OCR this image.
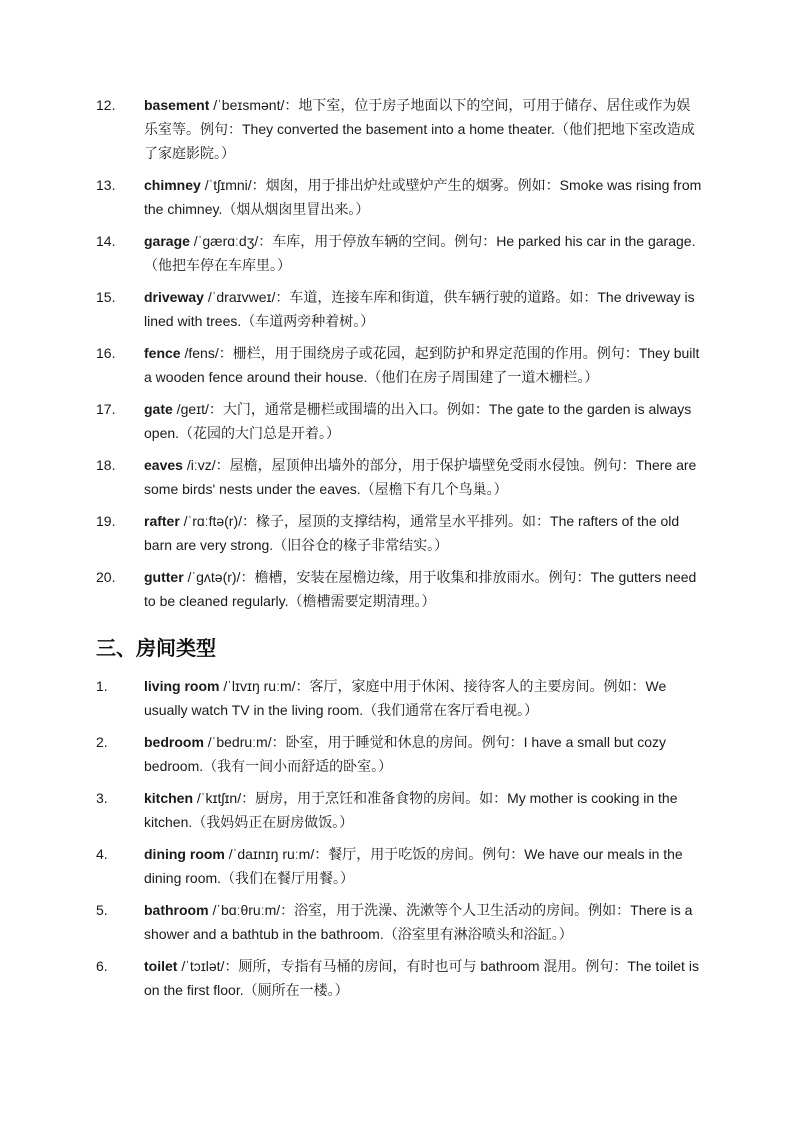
12. basement /ˈbeɪsmənt/：地下室，位于房子地面以下的空间，可用于储存、居住或作为娱乐室等。例句：They converted the basement into a home theater.（他们把地下室改造成了家庭影院。）
13. chimney /ˈtʃɪmni/：烟囱，用于排出炉灶或壁炉产生的烟雾。例如：Smoke was rising from the chimney.（烟从烟囱里冒出来。）
14. garage /ˈɡærɑːdʒ/：车库，用于停放车辆的空间。例句：He parked his car in the garage.（他把车停在车库里。）
15. driveway /ˈdraɪvweɪ/：车道，连接车库和街道，供车辆行驶的道路。如：The driveway is lined with trees.（车道两旁种着树。）
16. fence /fens/：栅栏，用于围绕房子或花园，起到防护和界定范围的作用。例句：They built a wooden fence around their house.（他们在房子周围建了一道木栅栏。）
17. gate /ɡeɪt/：大门，通常是栅栏或围墙的出入口。例如：The gate to the garden is always open.（花园的大门总是开着。）
18. eaves /iːvz/：屋檐，屋顶伸出墙外的部分，用于保护墙壁免受雨水侵蚀。例句：There are some birds' nests under the eaves.（屋檐下有几个鸟巢。）
19. rafter /ˈrɑːftə(r)/：椽子，屋顶的支撑结构，通常呈水平排列。如：The rafters of the old barn are very strong.（旧谷仓的椽子非常结实。）
20. gutter /ˈɡʌtə(r)/：檐槽，安装在屋檐边缘，用于收集和排放雨水。例句：The gutters need to be cleaned regularly.（檐槽需要定期清理。）
三、房间类型
1.	living room /ˈlɪvɪŋ ruːm/：客厅，家庭中用于休闲、接待客人的主要房间。例如：We usually watch TV in the living room.（我们通常在客厅看电视。）
2.	bedroom /ˈbedruːm/：卧室，用于睡觉和休息的房间。例句：I have a small but cozy bedroom.（我有一间小而舒适的卧室。）
3.	kitchen /ˈkɪtʃɪn/：厨房，用于烹饪和准备食物的房间。如：My mother is cooking in the kitchen.（我妈妈正在厨房做饭。）
4.	dining room /ˈdaɪnɪŋ ruːm/：餐厅，用于吃饭的房间。例句：We have our meals in the dining room.（我们在餐厅用餐。）
5.	bathroom /ˈbɑːθruːm/：浴室，用于洗澡、洗漱等个人卫生活动的房间。例如：There is a shower and a bathtub in the bathroom.（浴室里有淋浴喷头和浴缸。）
6.	toilet /ˈtɔɪlət/：厕所，专指有马桶的房间，有时也可与 bathroom 混用。例句：The toilet is on the first floor.（厕所在一楼。）
